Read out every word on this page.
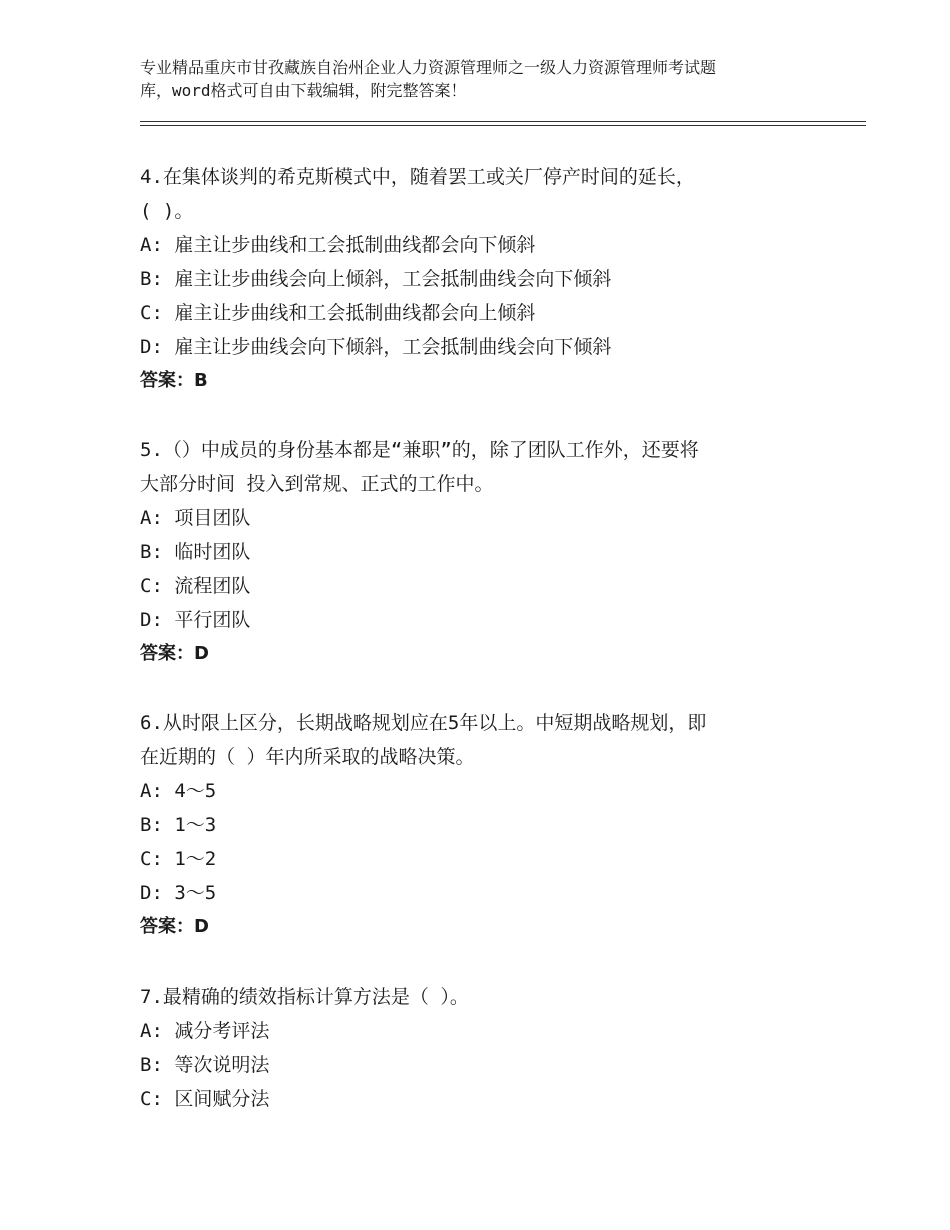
专业精品重庆市甘孜藏族自治州企业人力资源管理师之一级人力资源管理师考试题
库，word格式可自由下载编辑，附完整答案！
4.在集体谈判的希克斯模式中，随着罢工或关厂停产时间的延长，
( )。
A: 雇主让步曲线和工会抵制曲线都会向下倾斜
B: 雇主让步曲线会向上倾斜，工会抵制曲线会向下倾斜
C: 雇主让步曲线和工会抵制曲线都会向上倾斜
D: 雇主让步曲线会向下倾斜，工会抵制曲线会向下倾斜
答案：B
5.（）中成员的身份基本都是“兼职”的，除了团队工作外，还要将
大部分时间 投入到常规、正式的工作中。
A: 项目团队
B: 临时团队
C: 流程团队
D: 平行团队
答案：D
6.从时限上区分，长期战略规划应在5年以上。中短期战略规划，即
在近期的（ ）年内所采取的战略决策。
A: 4～5
B: 1～3
C: 1～2
D: 3～5
答案：D
7.最精确的绩效指标计算方法是（ ）。
A: 减分考评法
B: 等次说明法
C: 区间赋分法
